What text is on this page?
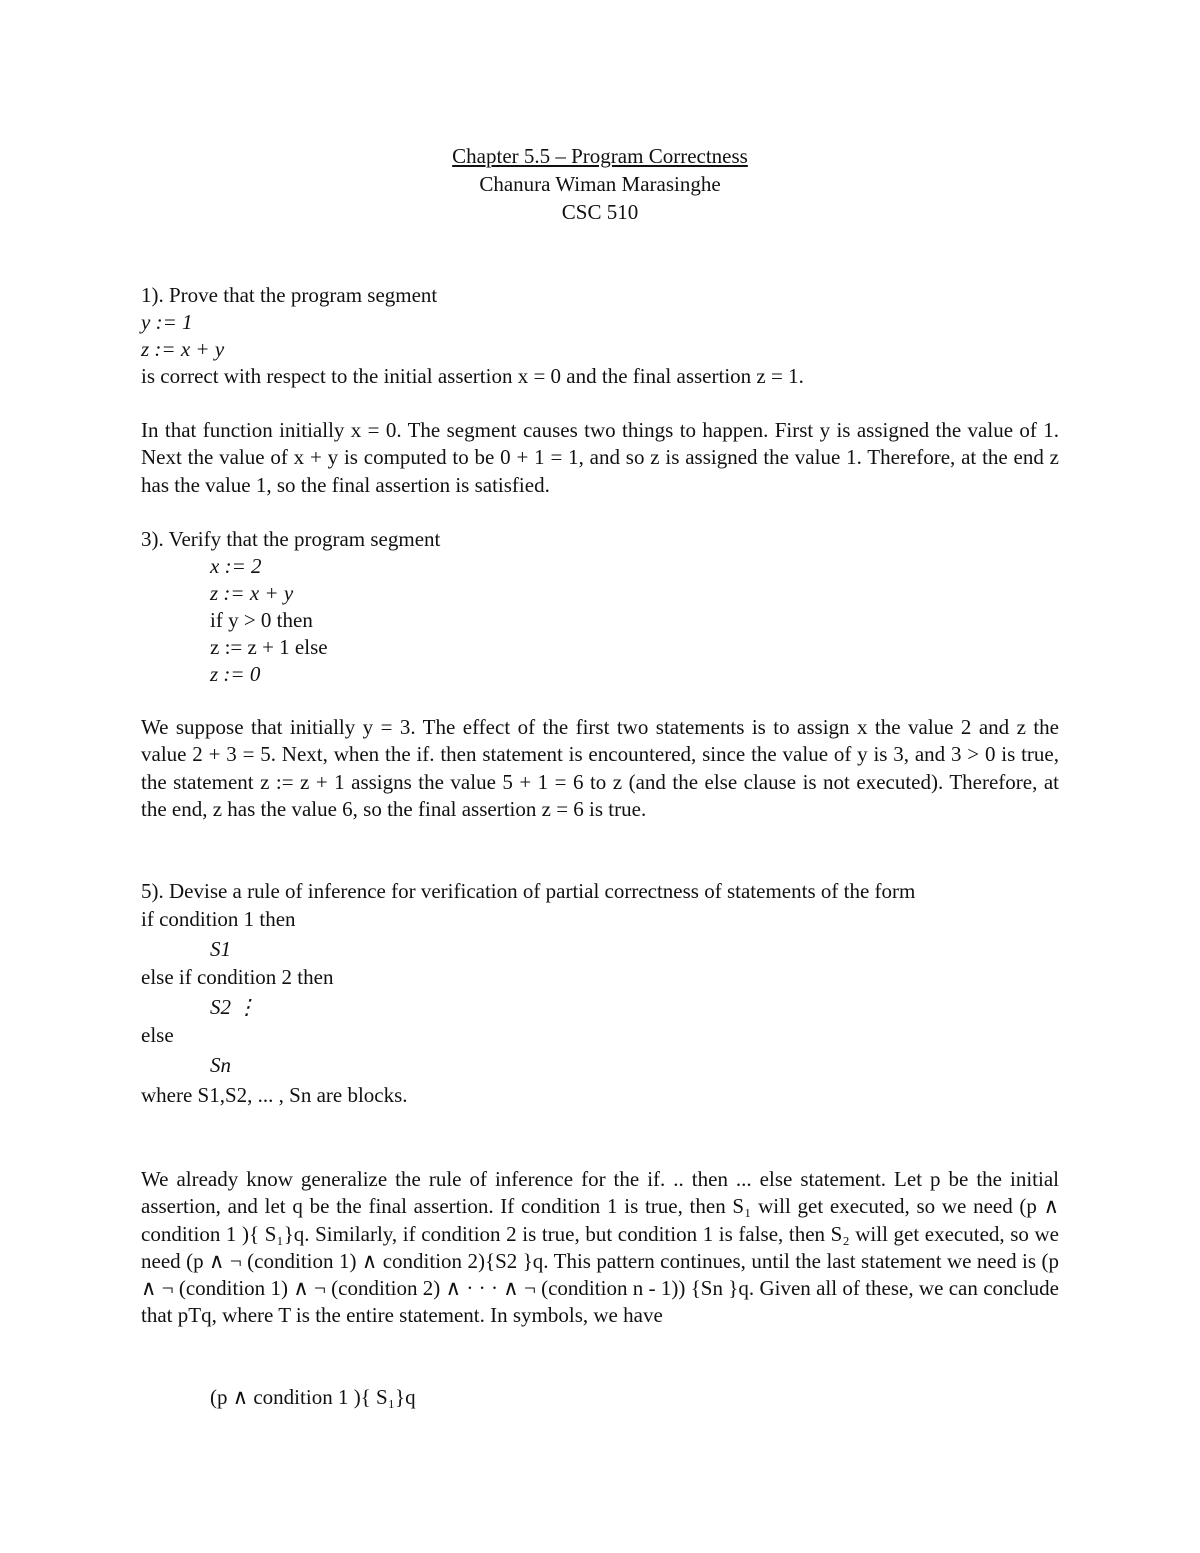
Chapter 5.5 – Program Correctness
Chanura Wiman Marasinghe
CSC 510
1). Prove that the program segment
y := 1
z := x + y
is correct with respect to the initial assertion x = 0 and the final assertion z = 1.
In that function initially x = 0. The segment causes two things to happen. First y is assigned the value of 1. Next the value of x + y is computed to be 0 + 1 = 1, and so z is assigned the value 1. Therefore, at the end z has the value 1, so the final assertion is satisfied.
3). Verify that the program segment
x := 2
z := x + y
if y > 0 then
z := z + 1 else
z := 0
We suppose that initially y = 3. The effect of the first two statements is to assign x the value 2 and z the value 2 + 3 = 5. Next, when the if. then statement is encountered, since the value of y is 3, and 3 > 0 is true, the statement z := z + 1 assigns the value 5 + 1 = 6 to z (and the else clause is not executed). Therefore, at the end, z has the value 6, so the final assertion z = 6 is true.
5). Devise a rule of inference for verification of partial correctness of statements of the form
if condition 1 then
S1
else if condition 2 then
S2 ⋮
else
Sn
where S1,S2, ... , Sn are blocks.
We already know generalize the rule of inference for the if. .. then ... else statement. Let p be the initial assertion, and let q be the final assertion. If condition 1 is true, then S₁ will get executed, so we need (p ∧ condition 1 ){ S₁}q. Similarly, if condition 2 is true, but condition 1 is false, then S₂ will get executed, so we need (p ∧ ¬ (condition 1) ∧ condition 2){S2 }q. This pattern continues, until the last statement we need is (p ∧ ¬ (condition 1) ∧ ¬ (condition 2) ∧ · · · ∧ ¬ (condition n - 1)) {Sn }q. Given all of these, we can conclude that pTq, where T is the entire statement. In symbols, we have
(p ∧ condition 1 ){ S₁}q
